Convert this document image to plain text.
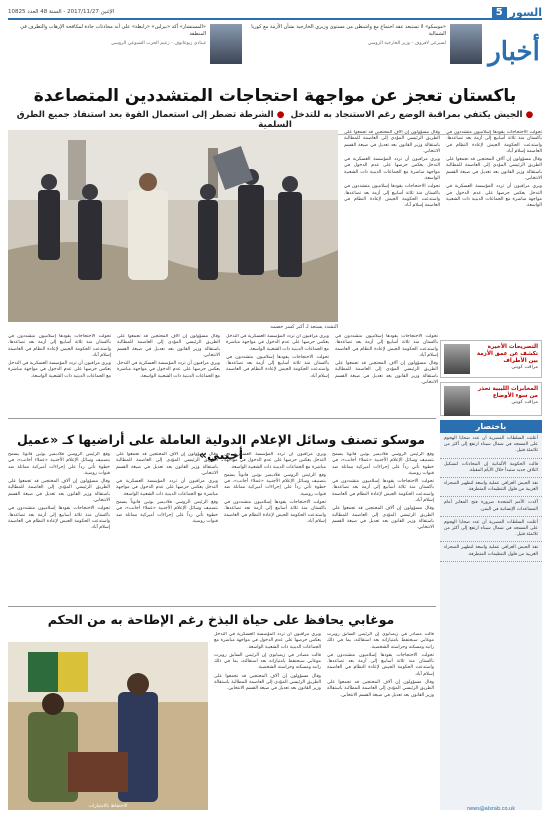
5 السور
الإثنين 2017/11/27 - السنة 48 العدد 10825
«موسكو» لا تستبعد عقد اجتماع مع واشنطن من مستوى وزيري الخارجية بشأن الأزمة مع كوريا الشمالية
لسيرغي لافروف - وزير الخارجية الروسي
«المستشار» أكد «بيرلين» «رابطة» على أنه محادثات جادة لمكافحة الإرهاب والتطرف في المنطقة
غينادي زيوغانوف - زعيم الحزب الشيوعي الروسي	أخبار
باكستان تعجز عن مواجهة احتجاجات المتشددين المتصاعدة
● الجيش يكتفي بمراقبة الوضع رغم الاستنجاد به للتدخل  ● الشرطة تضطر إلى استعمال القوة بعد استنفاد جميع الطرق السلمية
التشدد يستعد لـ أكبر كسر خصمه

تحولت الاحتجاجات يقودها إسلاميون متشددون في باكستان منذ ثلاثة أسابيع إلى أزمة بعد تصاعدها. واستدعت الحكومة الجيش لإعادة النظام في العاصمة إسلام آباد.

وقال مسؤولون إن آلاف المحتجين قد تجمعوا على الطريق الرئيسي المؤدي إلى العاصمة للمطالبة باستقالة وزير القانون بعد تعديل في صيغة القسم الانتخابي.

ويرى مراقبون أن تردد المؤسسة العسكرية في التدخل يعكس حرصها على عدم الدخول في مواجهة مباشرة مع الجماعات الدينية ذات الشعبية الواسعة.

وقال مسؤولون إن آلاف المحتجين قد تجمعوا على الطريق الرئيسي المؤدي إلى العاصمة للمطالبة باستقالة وزير القانون بعد تعديل في صيغة القسم الانتخابي.

ويرى مراقبون أن تردد المؤسسة العسكرية في التدخل يعكس حرصها على عدم الدخول في مواجهة مباشرة مع الجماعات الدينية ذات الشعبية الواسعة.

تحولت الاحتجاجات يقودها إسلاميون متشددون في باكستان منذ ثلاثة أسابيع إلى أزمة بعد تصاعدها. واستدعت الحكومة الجيش لإعادة النظام في العاصمة إسلام آباد.

المخابرات الليبية تحذر من سوء الأوضاع
مراقب كويتي

تحولت الاحتجاجات يقودها إسلاميون متشددون في باكستان منذ ثلاثة أسابيع إلى أزمة بعد تصاعدها. واستدعت الحكومة الجيش لإعادة النظام في العاصمة إسلام آباد.

وقال مسؤولون إن آلاف المحتجين قد تجمعوا على الطريق الرئيسي المؤدي إلى العاصمة للمطالبة باستقالة وزير القانون بعد تعديل في صيغة القسم الانتخابي.

ويرى مراقبون أن تردد المؤسسة العسكرية في التدخل يعكس حرصها على عدم الدخول في مواجهة مباشرة مع الجماعات الدينية ذات الشعبية الواسعة.

تحولت الاحتجاجات يقودها إسلاميون متشددون في باكستان منذ ثلاثة أسابيع إلى أزمة بعد تصاعدها. واستدعت الحكومة الجيش لإعادة النظام في العاصمة إسلام آباد.

وقال مسؤولون إن آلاف المحتجين قد تجمعوا على الطريق الرئيسي المؤدي إلى العاصمة للمطالبة باستقالة وزير القانون بعد تعديل في صيغة القسم الانتخابي.

ويرى مراقبون أن تردد المؤسسة العسكرية في التدخل يعكس حرصها على عدم الدخول في مواجهة مباشرة مع الجماعات الدينية ذات الشعبية الواسعة.

تحولت الاحتجاجات يقودها إسلاميون متشددون في باكستان منذ ثلاثة أسابيع إلى أزمة بعد تصاعدها. واستدعت الحكومة الجيش لإعادة النظام في العاصمة إسلام آباد.

ويرى مراقبون أن تردد المؤسسة العسكرية في التدخل يعكس حرصها على عدم الدخول في مواجهة مباشرة مع الجماعات الدينية ذات الشعبية الواسعة.

التصريحات الأخيرة تكشف عن عمق الأزمة بين الأطراف
مراقب كويتي
موسكو تصنف وسائل الإعلام الدولية العاملة على أراضيها كـ «عميل أجنبي»	وقع الرئيس الروسي فلاديمير بوتين قانوناً يسمح بتصنيف وسائل الإعلام الأجنبية «عملاء أجانب»، في خطوة تأتي رداً على إجراءات أميركية مماثلة ضد قنوات روسية.

تحولت الاحتجاجات يقودها إسلاميون متشددون في باكستان منذ ثلاثة أسابيع إلى أزمة بعد تصاعدها. واستدعت الحكومة الجيش لإعادة النظام في العاصمة إسلام آباد.

وقال مسؤولون إن آلاف المحتجين قد تجمعوا على الطريق الرئيسي المؤدي إلى العاصمة للمطالبة باستقالة وزير القانون بعد تعديل في صيغة القسم الانتخابي.

ويرى مراقبون أن تردد المؤسسة العسكرية في التدخل يعكس حرصها على عدم الدخول في مواجهة مباشرة مع الجماعات الدينية ذات الشعبية الواسعة.

وقع الرئيس الروسي فلاديمير بوتين قانوناً يسمح بتصنيف وسائل الإعلام الأجنبية «عملاء أجانب»، في خطوة تأتي رداً على إجراءات أميركية مماثلة ضد قنوات روسية.

تحولت الاحتجاجات يقودها إسلاميون متشددون في باكستان منذ ثلاثة أسابيع إلى أزمة بعد تصاعدها. واستدعت الحكومة الجيش لإعادة النظام في العاصمة إسلام آباد.

وقال مسؤولون إن آلاف المحتجين قد تجمعوا على الطريق الرئيسي المؤدي إلى العاصمة للمطالبة باستقالة وزير القانون بعد تعديل في صيغة القسم الانتخابي.

ويرى مراقبون أن تردد المؤسسة العسكرية في التدخل يعكس حرصها على عدم الدخول في مواجهة مباشرة مع الجماعات الدينية ذات الشعبية الواسعة.

وقع الرئيس الروسي فلاديمير بوتين قانوناً يسمح بتصنيف وسائل الإعلام الأجنبية «عملاء أجانب»، في خطوة تأتي رداً على إجراءات أميركية مماثلة ضد قنوات روسية.

وقع الرئيس الروسي فلاديمير بوتين قانوناً يسمح بتصنيف وسائل الإعلام الأجنبية «عملاء أجانب»، في خطوة تأتي رداً على إجراءات أميركية مماثلة ضد قنوات روسية.

وقال مسؤولون إن آلاف المحتجين قد تجمعوا على الطريق الرئيسي المؤدي إلى العاصمة للمطالبة باستقالة وزير القانون بعد تعديل في صيغة القسم الانتخابي.

تحولت الاحتجاجات يقودها إسلاميون متشددون في باكستان منذ ثلاثة أسابيع إلى أزمة بعد تصاعدها. واستدعت الحكومة الجيش لإعادة النظام في العاصمة إسلام آباد.

باختصار
أعلنت السلطات المصرية أن عدد ضحايا الهجوم على المسجد في شمال سيناء ارتفع إلى أكثر من ثلاثمئة قتيل.
قالت الحكومة الألمانية إن المحادثات لتشكيل ائتلاف جديد ستبدأ خلال الأيام المقبلة.
نفذ الجيش العراقي عملية واسعة لتطهير الصحراء الغربية من فلول التنظيمات المتطرفة.
أكدت الأمم المتحدة ضرورة فتح المعابر أمام المساعدات الإنسانية في اليمن.
أعلنت السلطات المصرية أن عدد ضحايا الهجوم على المسجد في شمال سيناء ارتفع إلى أكثر من ثلاثمئة قتيل.
نفذ الجيش العراقي عملية واسعة لتطهير الصحراء الغربية من فلول التنظيمات المتطرفة.
news@alsrab.co.uk
موغابي يحافظ على حياة البذخ رغم الإطاحة به من الحكم

قالت مصادر في زيمبابوي إن الرئيس السابق روبرت موغابي سيحتفظ بامتيازاته بعد استقالته، بما في ذلك راتبه ومسكنه وحراسته الشخصية.

تحولت الاحتجاجات يقودها إسلاميون متشددون في باكستان منذ ثلاثة أسابيع إلى أزمة بعد تصاعدها. واستدعت الحكومة الجيش لإعادة النظام في العاصمة إسلام آباد.

وقال مسؤولون إن آلاف المحتجين قد تجمعوا على الطريق الرئيسي المؤدي إلى العاصمة للمطالبة باستقالة وزير القانون بعد تعديل في صيغة القسم الانتخابي.

ويرى مراقبون أن تردد المؤسسة العسكرية في التدخل يعكس حرصها على عدم الدخول في مواجهة مباشرة مع الجماعات الدينية ذات الشعبية الواسعة.

قالت مصادر في زيمبابوي إن الرئيس السابق روبرت موغابي سيحتفظ بامتيازاته بعد استقالته، بما في ذلك راتبه ومسكنه وحراسته الشخصية.

وقال مسؤولون إن آلاف المحتجين قد تجمعوا على الطريق الرئيسي المؤدي إلى العاصمة للمطالبة باستقالة وزير القانون بعد تعديل في صيغة القسم الانتخابي.

الاحتفاظ بالامتيازات
